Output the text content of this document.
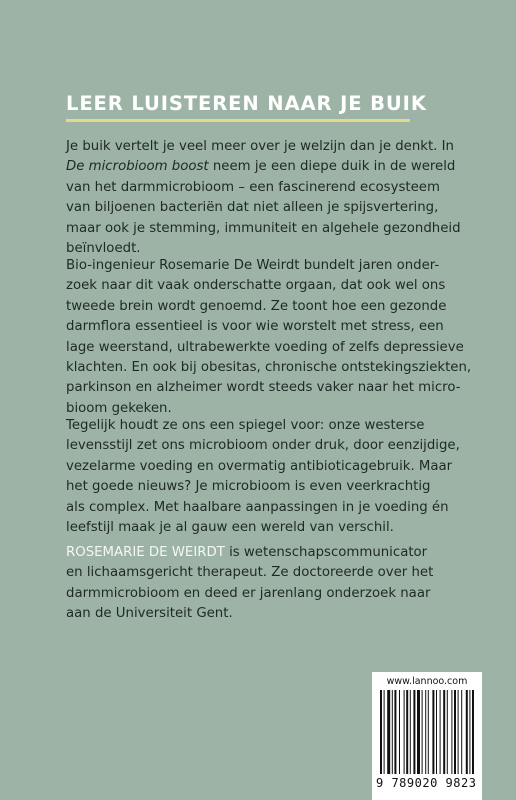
LEER LUISTEREN NAAR JE BUIK

Je buik vertelt je veel meer over je welzijn dan je denkt. In
De microbioom boost neem je een diepe duik in de wereld
van het darmmicrobioom – een fascinerend ecosysteem
van biljoenen bacteriën dat niet alleen je spijsvertering,
maar ook je stemming, immuniteit en algehele gezondheid
beïnvloedt.

Bio-ingenieur Rosemarie De Weirdt bundelt jaren onder-
zoek naar dit vaak onderschatte orgaan, dat ook wel ons
tweede brein wordt genoemd. Ze toont hoe een gezonde
darmflora essentieel is voor wie worstelt met stress, een
lage weerstand, ultrabewerkte voeding of zelfs depressieve
klachten. En ook bij obesitas, chronische ontstekingsziekten,
parkinson en alzheimer wordt steeds vaker naar het micro-
bioom gekeken.

Tegelijk houdt ze ons een spiegel voor: onze westerse
levensstijl zet ons microbioom onder druk, door eenzijdige,
vezelarme voeding en overmatig antibioticagebruik. Maar
het goede nieuws? Je microbioom is even veerkrachtig
als complex. Met haalbare aanpassingen in je voeding én
leefstijl maak je al gauw een wereld van verschil.

ROSEMARIE DE WEIRDT is wetenschapscommunicator
en lichaamsgericht therapeut. Ze doctoreerde over het
darmmicrobioom en deed er jarenlang onderzoek naar
aan de Universiteit Gent.

www.lannoo.com
9 789020 9823
